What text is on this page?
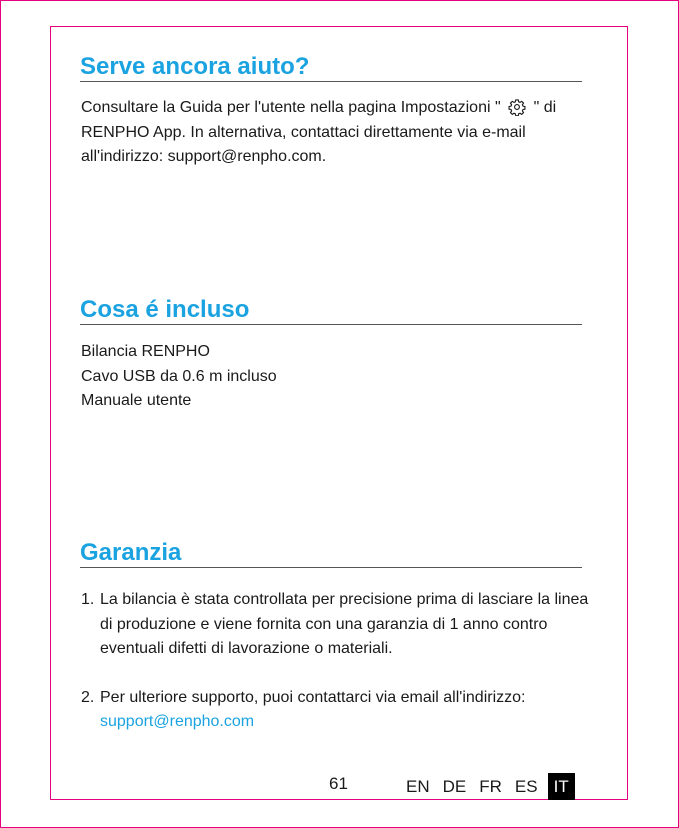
Serve ancora aiuto?
Consultare la Guida per l'utente nella pagina Impostazioni " " di
RENPHO App. In alternativa, contattaci direttamente via e-mail
all'indirizzo: support@renpho.com.
Cosa é incluso
Bilancia RENPHO
Cavo USB da 0.6 m incluso
Manuale utente
Garanzia
1. La bilancia è stata controllata per precisione prima di lasciare la linea
di produzione e viene fornita con una garanzia di 1 anno contro
eventuali difetti di lavorazione o materiali.
2. Per ulteriore supporto, puoi contattarci via email all'indirizzo:
support@renpho.com
61	EN DE FR ES IT
